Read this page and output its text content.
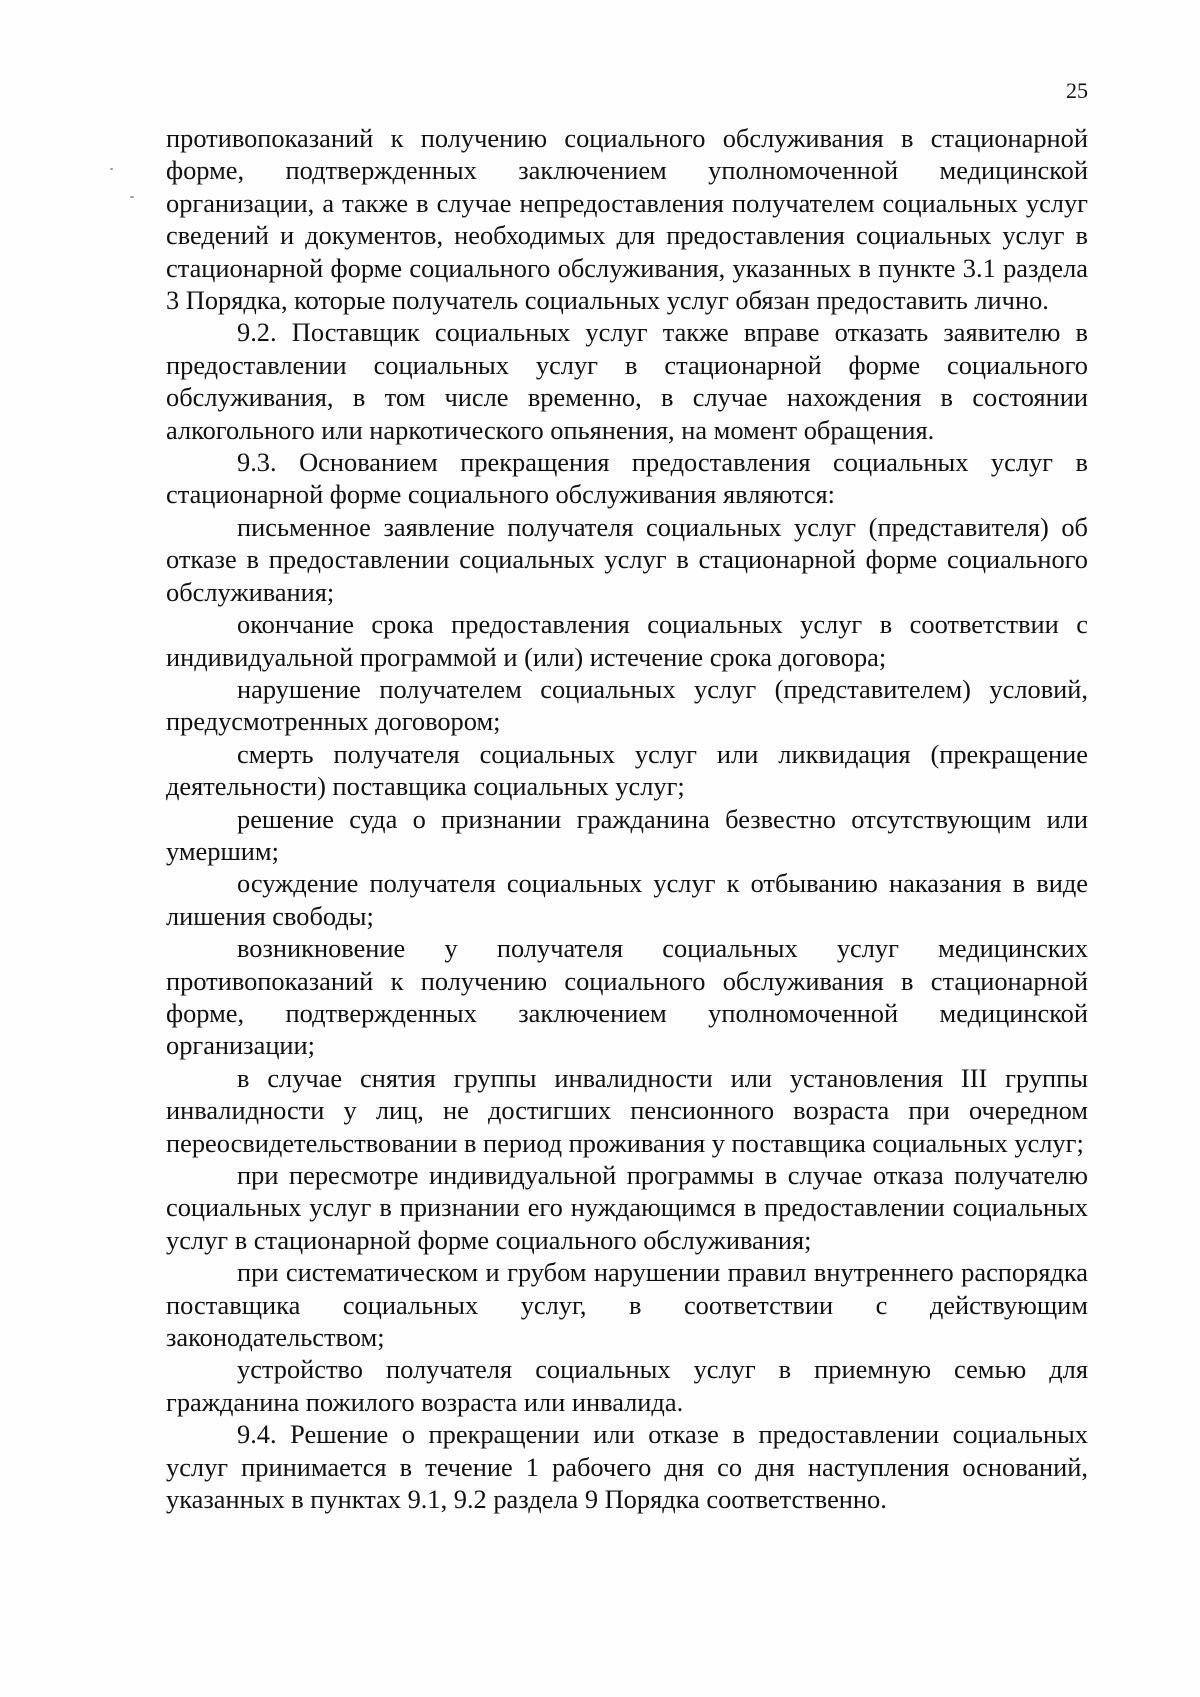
25

противопоказаний к получению социального обслуживания в стационарной форме, подтвержденных заключением уполномоченной медицинской организации, а также в случае непредоставления получателем социальных услуг сведений и документов, необходимых для предоставления социальных услуг в стационарной форме социального обслуживания, указанных в пункте 3.1 раздела 3 Порядка, которые получатель социальных услуг обязан предоставить лично.

9.2. Поставщик социальных услуг также вправе отказать заявителю в предоставлении социальных услуг в стационарной форме социального обслуживания, в том числе временно, в случае нахождения в состоянии алкогольного или наркотического опьянения, на момент обращения.

9.3. Основанием прекращения предоставления социальных услуг в стационарной форме социального обслуживания являются:

письменное заявление получателя социальных услуг (представителя) об отказе в предоставлении социальных услуг в стационарной форме социального обслуживания;

окончание срока предоставления социальных услуг в соответствии с индивидуальной программой и (или) истечение срока договора;

нарушение получателем социальных услуг (представителем) условий, предусмотренных договором;

смерть получателя социальных услуг или ликвидация (прекращение деятельности) поставщика социальных услуг;

решение суда о признании гражданина безвестно отсутствующим или умершим;

осуждение получателя социальных услуг к отбыванию наказания в виде лишения свободы;

возникновение у получателя социальных услуг медицинских противопоказаний к получению социального обслуживания в стационарной форме, подтвержденных заключением уполномоченной медицинской организации;

в случае снятия группы инвалидности или установления III группы инвалидности у лиц, не достигших пенсионного возраста при очередном переосвидетельствовании в период проживания у поставщика социальных услуг;

при пересмотре индивидуальной программы в случае отказа получателю социальных услуг в признании его нуждающимся в предоставлении социальных услуг в стационарной форме социального обслуживания;

при систематическом и грубом нарушении правил внутреннего распорядка поставщика социальных услуг, в соответствии с действующим законодательством;

устройство получателя социальных услуг в приемную семью для гражданина пожилого возраста или инвалида.

9.4. Решение о прекращении или отказе в предоставлении социальных услуг принимается в течение 1 рабочего дня со дня наступления оснований, указанных в пунктах 9.1, 9.2 раздела 9 Порядка соответственно.
